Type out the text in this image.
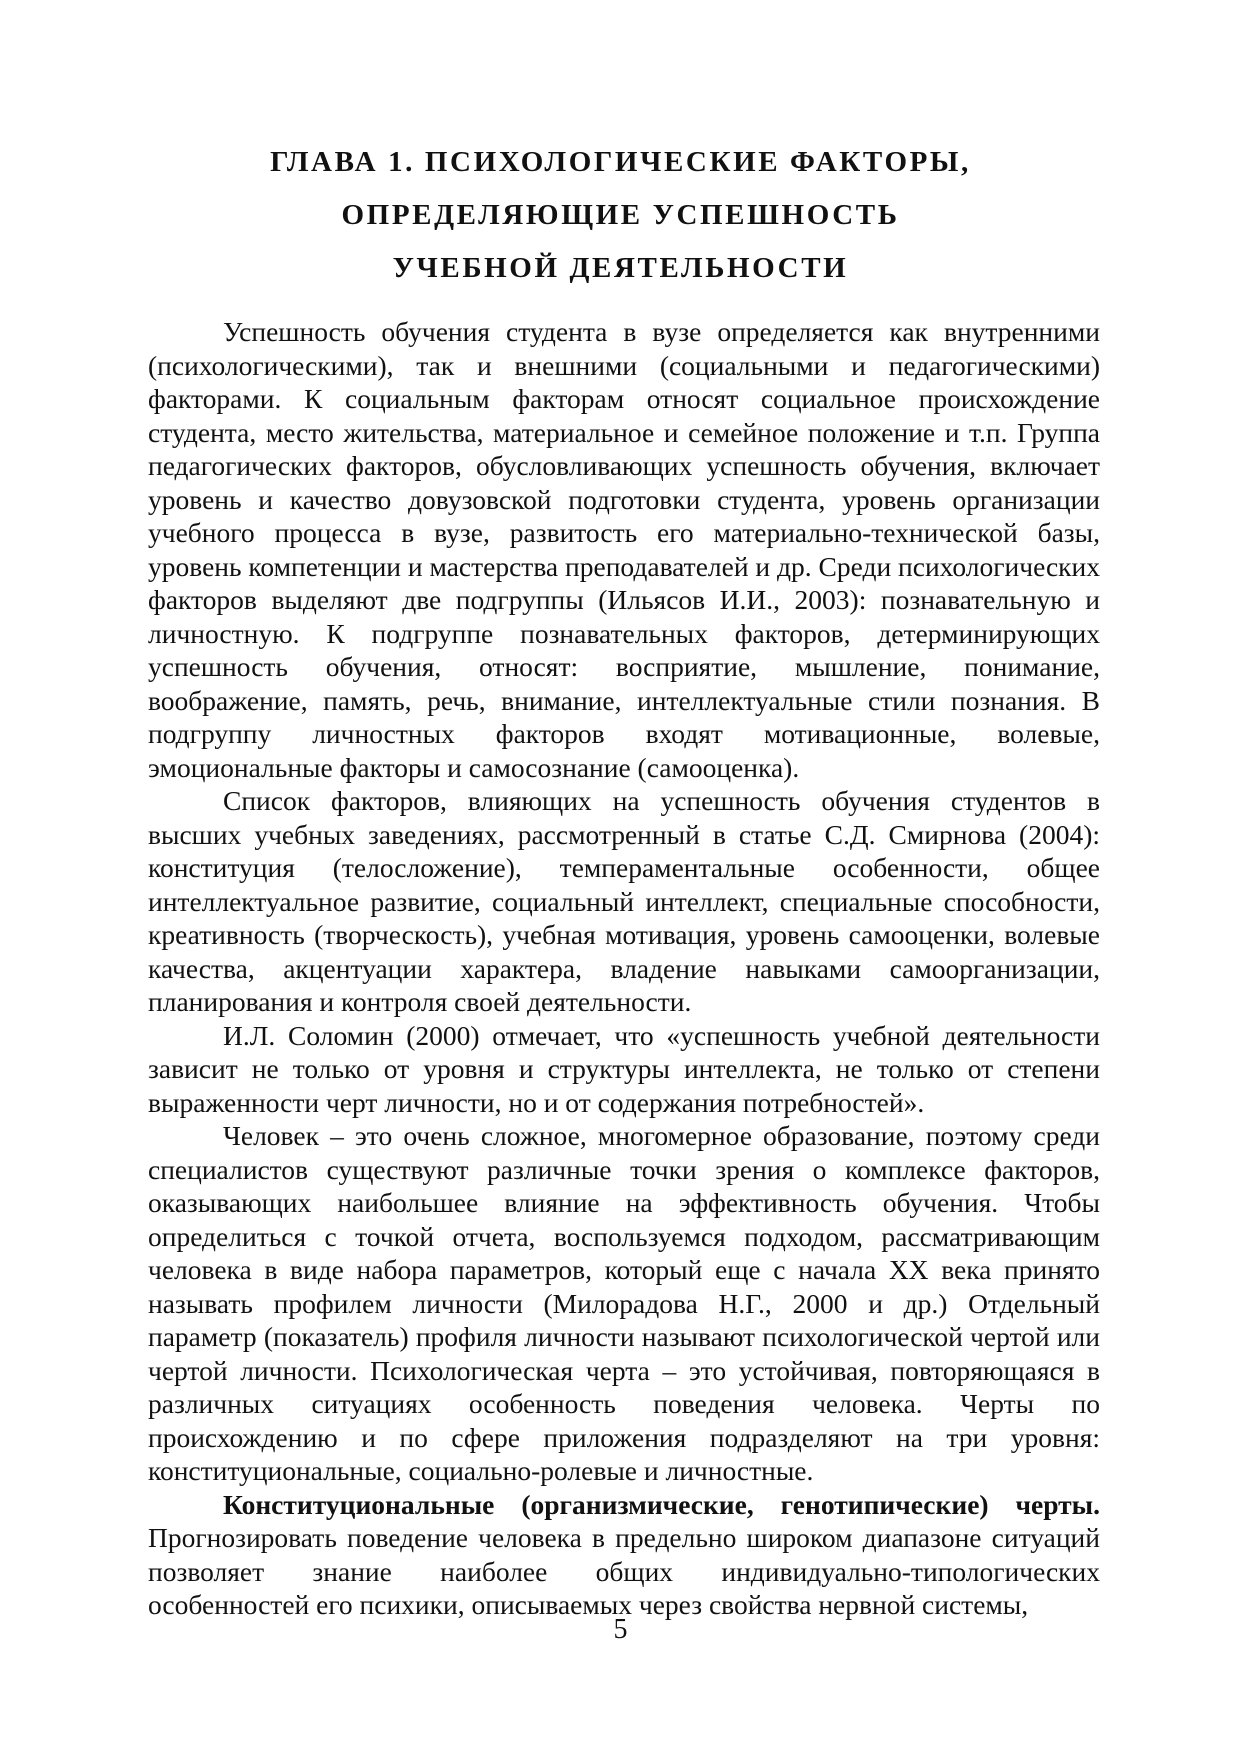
ГЛАВА 1. ПСИХОЛОГИЧЕСКИЕ ФАКТОРЫ,
ОПРЕДЕЛЯЮЩИЕ УСПЕШНОСТЬ
УЧЕБНОЙ ДЕЯТЕЛЬНОСТИ

Успешность обучения студента в вузе определяется как внутренними (психологическими), так и внешними (социальными и педагогическими) факторами. К социальным факторам относят социальное происхождение студента, место жительства, материальное и семейное положение и т.п. Группа педагогических факторов, обусловливающих успешность обучения, включает уровень и качество довузовской подготовки студента, уровень организации учебного процесса в вузе, развитость его материально-технической базы, уровень компетенции и мастерства преподавателей и др. Среди психологических факторов выделяют две подгруппы (Ильясов И.И., 2003): познавательную и личностную. К подгруппе познавательных факторов, детерминирующих успешность обучения, относят: восприятие, мышление, понимание, воображение, память, речь, внимание, интеллектуальные стили познания. В подгруппу личностных факторов входят мотивационные, волевые, эмоциональные факторы и самосознание (самооценка).

Список факторов, влияющих на успешность обучения студентов в высших учебных заведениях, рассмотренный в статье С.Д. Смирнова (2004): конституция (телосложение), темпераментальные особенности, общее интеллектуальное развитие, социальный интеллект, специальные способности, креативность (творческость), учебная мотивация, уровень самооценки, волевые качества, акцентуации характера, владение навыками самоорганизации, планирования и контроля своей деятельности.

И.Л. Соломин (2000) отмечает, что «успешность учебной деятельности зависит не только от уровня и структуры интеллекта, не только от степени выраженности черт личности, но и от содержания потребностей».

Человек – это очень сложное, многомерное образование, поэтому среди специалистов существуют различные точки зрения о комплексе факторов, оказывающих наибольшее влияние на эффективность обучения. Чтобы определиться с точкой отчета, воспользуемся подходом, рассматривающим человека в виде набора параметров, который еще с начала XX века принято называть профилем личности (Милорадова Н.Г., 2000 и др.) Отдельный параметр (показатель) профиля личности называют психологической чертой или чертой личности. Психологическая черта – это устойчивая, повторяющаяся в различных ситуациях особенность поведения человека. Черты по происхождению и по сфере приложения подразделяют на три уровня: конституциональные, социально-ролевые и личностные.

Конституциональные (организмические, генотипические) черты. Прогнозировать поведение человека в предельно широком диапазоне ситуаций позволяет знание наиболее общих индивидуально-типологических особенностей его психики, описываемых через свойства нервной системы,

5
